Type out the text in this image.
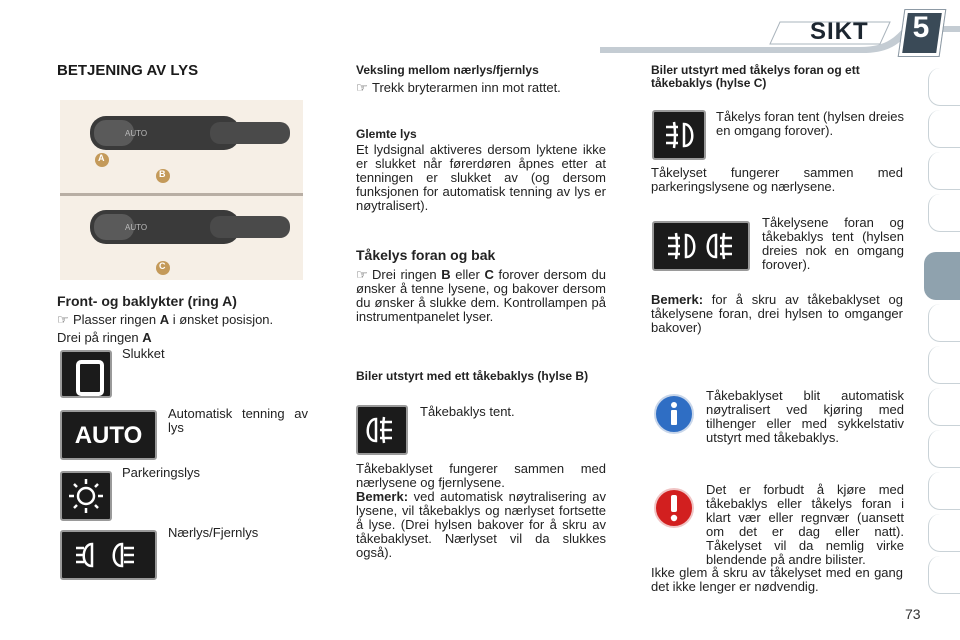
SIKT 5
BETJENING AV LYS
AUTO
AUTO
A
B
C
Front- og baklykter (ring A)

☞ Plasser ringen A i ønsket posisjon.

Drei på ringen A

Slukket
AUTO
Automatisk tenning av lys
Parkeringslys
Nærlys/Fjernlys
Veksling mellom nærlys/fjernlys

☞ Trekk bryterarmen inn mot rattet.

Glemte lys

Et lydsignal aktiveres dersom lyktene ikke er slukket når førerdøren åpnes etter at tenningen er slukket av (og dersom funksjonen for automatisk tenning av lys er nøytralisert).

Tåkelys foran og bak

☞ Drei ringen B eller C forover dersom du ønsker å tenne lysene, og bakover dersom du ønsker å slukke dem. Kontrollampen på instrumentpanelet lyser.

Biler utstyrt med ett tåkebaklys (hylse B)
Tåkebaklys tent.

Tåkebaklyset fungerer sammen med nærlysene og fjernlysene.

Bemerk: ved automatisk nøytralisering av lysene, vil tåkebaklys og nærlyset fortsette å lyse. (Drei hylsen bakover for å skru av tåkebaklyset. Nærlyset vil da slukkes også).

Biler utstyrt med tåkelys foran og ett tåkebaklys (hylse C)

Tåkelys foran tent (hylsen dreies en omgang forover).

Tåkelyset fungerer sammen med parkeringslysene og nærlysene.

Tåkelysene foran og tåkebaklys tent (hylsen dreies nok en omgang forover).

Bemerk: for å skru av tåkebaklyset og tåkelysene foran, drei hylsen to omganger bakover)

Tåkebaklyset blit automatisk nøytralisert ved kjøring med tilhenger eller med sykkelstativ utstyrt med tåkebaklys.

Det er forbudt å kjøre med tåkebaklys eller tåkelys foran i klart vær eller regnvær (uansett om det er dag eller natt). Tåkelyset vil da nemlig virke blendende på andre bilister.

Ikke glem å skru av tåkelyset med en gang det ikke lenger er nødvendig.

73
